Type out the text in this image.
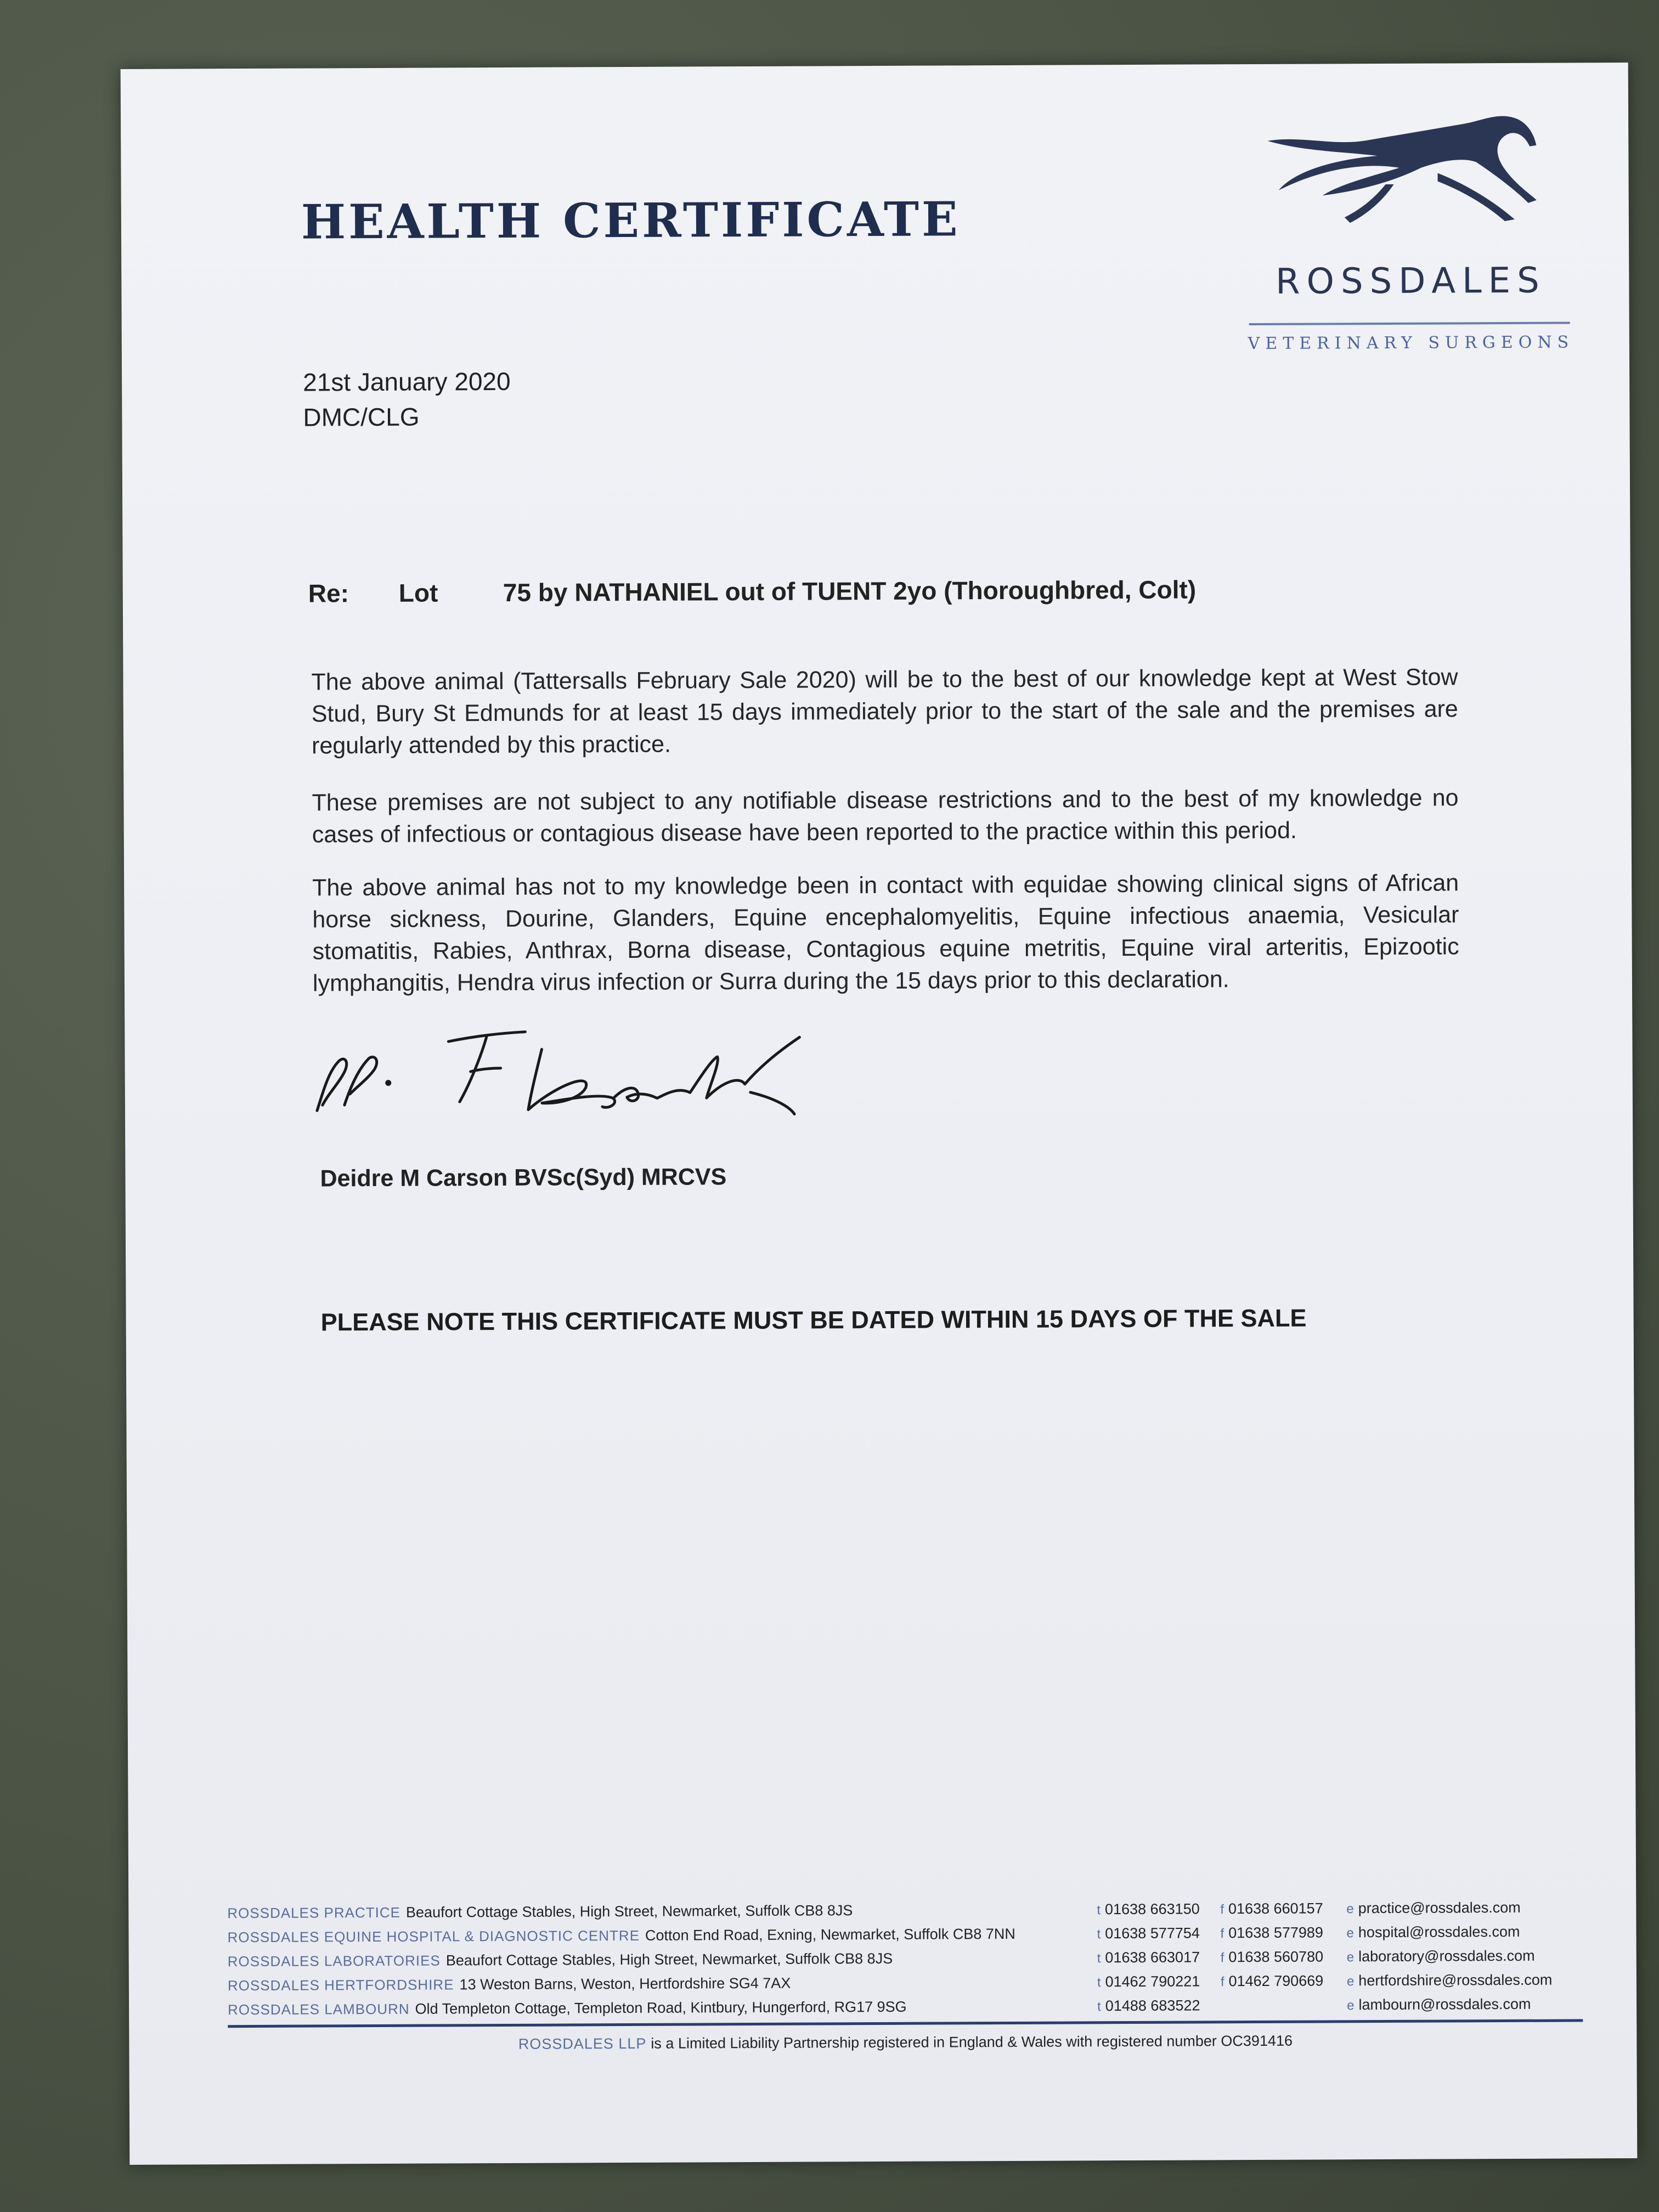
HEALTH CERTIFICATE
ROSSDALES
VETERINARY SURGEONS
21st January 2020
DMC/CLG
Re: Lot	75 by NATHANIEL out of TUENT 2yo (Thoroughbred, Colt)
The above animal (Tattersalls February Sale 2020) will be to the best of our knowledge kept at West Stow Stud, Bury St Edmunds for at least 15 days immediately prior to the start of the sale and the premises are regularly attended by this practice.
These premises are not subject to any notifiable disease restrictions and to the best of my knowledge no cases of infectious or contagious disease have been reported to the practice within this period.
The above animal has not to my knowledge been in contact with equidae showing clinical signs of African horse sickness, Dourine, Glanders, Equine encephalomyelitis, Equine infectious anaemia, Vesicular stomatitis, Rabies, Anthrax, Borna disease, Contagious equine metritis, Equine viral arteritis, Epizootic lymphangitis, Hendra virus infection or Surra during the 15 days prior to this declaration.
Deidre M Carson BVSc(Syd) MRCVS
PLEASE NOTE THIS CERTIFICATE MUST BE DATED WITHIN 15 DAYS OF THE SALE
ROSSDALES PRACTICE Beaufort Cottage Stables, High Street, Newmarket, Suffolk CB8 8JS
ROSSDALES EQUINE HOSPITAL & DIAGNOSTIC CENTRE Cotton End Road, Exning, Newmarket, Suffolk CB8 7NN
ROSSDALES LABORATORIES Beaufort Cottage Stables, High Street, Newmarket, Suffolk CB8 8JS
ROSSDALES HERTFORDSHIRE 13 Weston Barns, Weston, Hertfordshire SG4 7AX
ROSSDALES LAMBOURN Old Templeton Cottage, Templeton Road, Kintbury, Hungerford, RG17 9SG
t 01638 663150
t 01638 577754
t 01638 663017
t 01462 790221
t 01488 683522
f 01638 660157
f 01638 577989
f 01638 560780
f 01462 790669
e practice@rossdales.com
e hospital@rossdales.com
e laboratory@rossdales.com
e hertfordshire@rossdales.com
e lambourn@rossdales.com
ROSSDALES LLP is a Limited Liability Partnership registered in England & Wales with registered number OC391416
